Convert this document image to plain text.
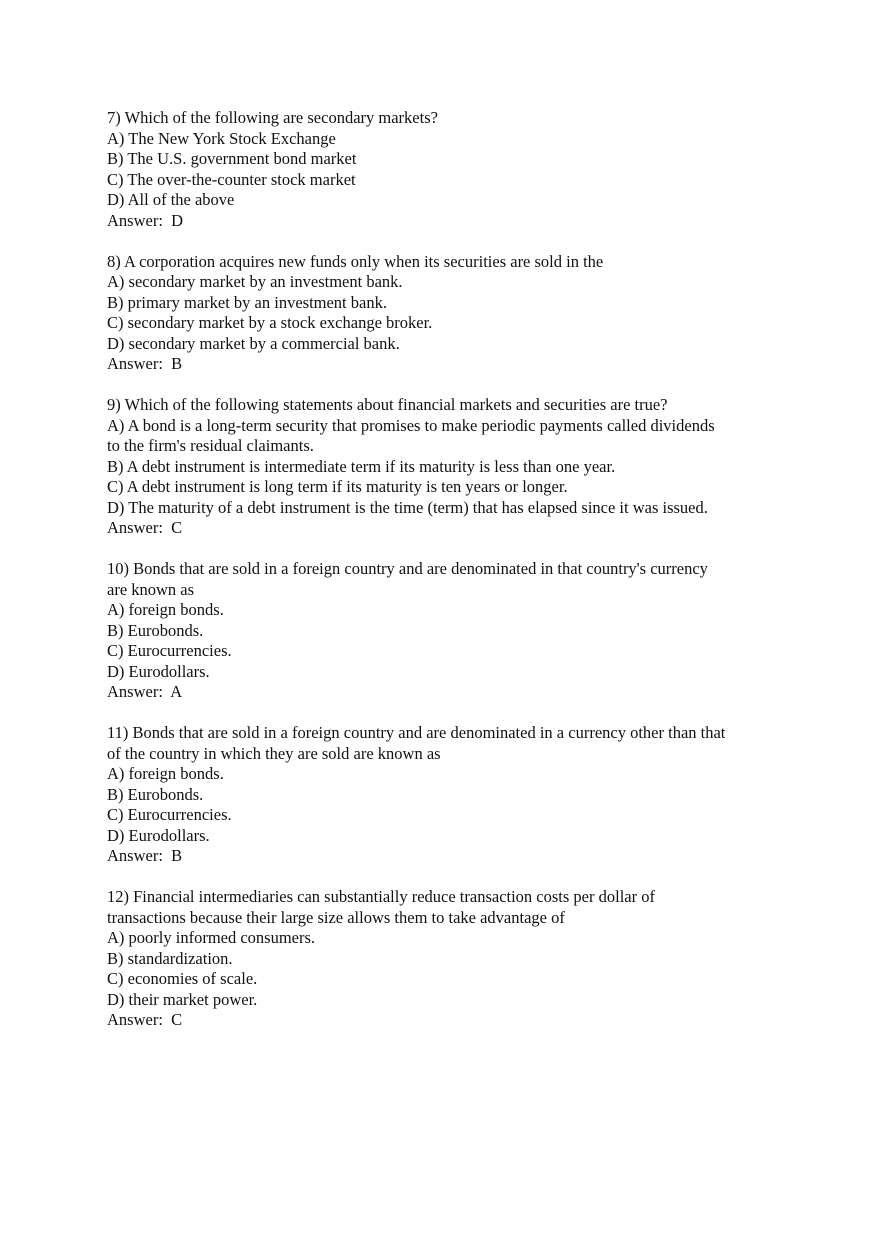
7) Which of the following are secondary markets?
A) The New York Stock Exchange
B) The U.S. government bond market
C) The over-the-counter stock market
D) All of the above
Answer:  D
8) A corporation acquires new funds only when its securities are sold in the
A) secondary market by an investment bank.
B) primary market by an investment bank.
C) secondary market by a stock exchange broker.
D) secondary market by a commercial bank.
Answer:  B
9) Which of the following statements about financial markets and securities are true?
A) A bond is a long-term security that promises to make periodic payments called dividends
to the firm's residual claimants.
B) A debt instrument is intermediate term if its maturity is less than one year.
C) A debt instrument is long term if its maturity is ten years or longer.
D) The maturity of a debt instrument is the time (term) that has elapsed since it was issued.
Answer:  C
10) Bonds that are sold in a foreign country and are denominated in that country's currency
are known as
A) foreign bonds.
B) Eurobonds.
C) Eurocurrencies.
D) Eurodollars.
Answer:  A
11) Bonds that are sold in a foreign country and are denominated in a currency other than that
of the country in which they are sold are known as
A) foreign bonds.
B) Eurobonds.
C) Eurocurrencies.
D) Eurodollars.
Answer:  B
12) Financial intermediaries can substantially reduce transaction costs per dollar of
transactions because their large size allows them to take advantage of
A) poorly informed consumers.
B) standardization.
C) economies of scale.
D) their market power.
Answer:  C
